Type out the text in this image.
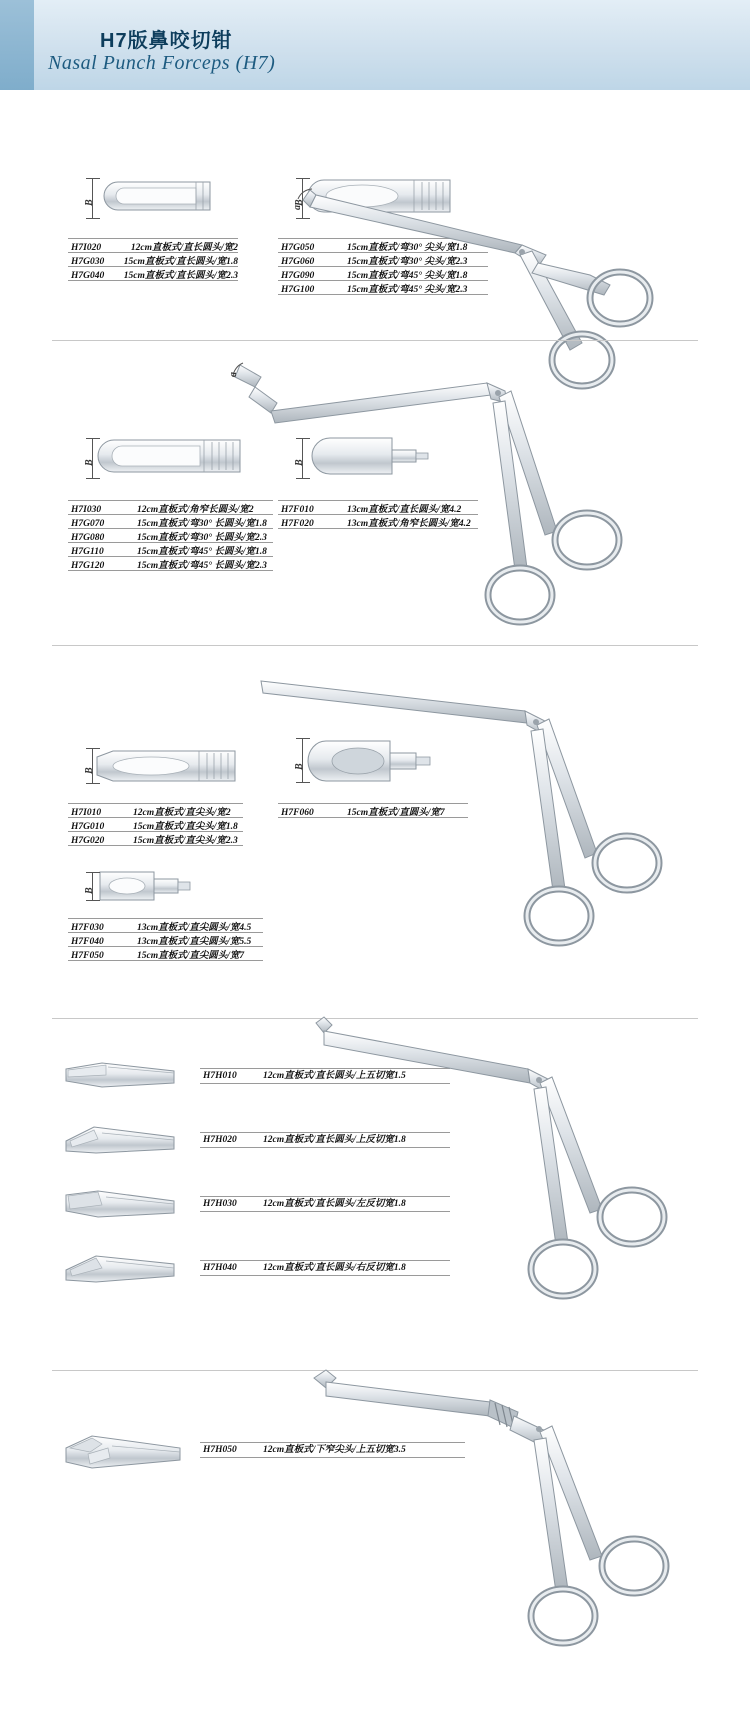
H7版鼻咬切钳
Nasal Punch Forceps (H7)
B
H7I020	12cm直板式/直长圆头/宽2
H7G030	15cm直板式/直长圆头/宽1.8
H7G040	15cm直板式/直长圆头/宽2.3
B
H7G050	15cm直板式/弯30° 尖头/宽1.8
H7G060	15cm直板式/弯30° 尖头/宽2.3
H7G090	15cm直板式/弯45° 尖头/宽1.8
H7G100	15cm直板式/弯45° 尖头/宽2.3
a
B
H7I030	12cm直板式/角窄长圆头/宽2
H7G070	15cm直板式/弯30° 长圆头/宽1.8
H7G080	15cm直板式/弯30° 长圆头/宽2.3
H7G110	15cm直板式/弯45° 长圆头/宽1.8
H7G120	15cm直板式/弯45° 长圆头/宽2.3
B
H7F010	13cm直板式/直长圆头/宽4.2
H7F020	13cm直板式/角窄长圆头/宽4.2
a
B
H7I010	12cm直板式/直尖头/宽2
H7G010	15cm直板式/直尖头/宽1.8
H7G020	15cm直板式/直尖头/宽2.3
B
H7F030	13cm直板式/直尖圆头/宽4.5
H7F040	13cm直板式/直尖圆头/宽5.5
H7F050	15cm直板式/直尖圆头/宽7
B
H7F060	15cm直板式/直圆头/宽7
H7H010	12cm直板式/直长圆头/上五切宽1.5
H7H020	12cm直板式/直长圆头/上反切宽1.8
H7H030	12cm直板式/直长圆头/左反切宽1.8
H7H040	12cm直板式/直长圆头/右反切宽1.8
H7H050	12cm直板式/下窄尖头/上五切宽3.5
